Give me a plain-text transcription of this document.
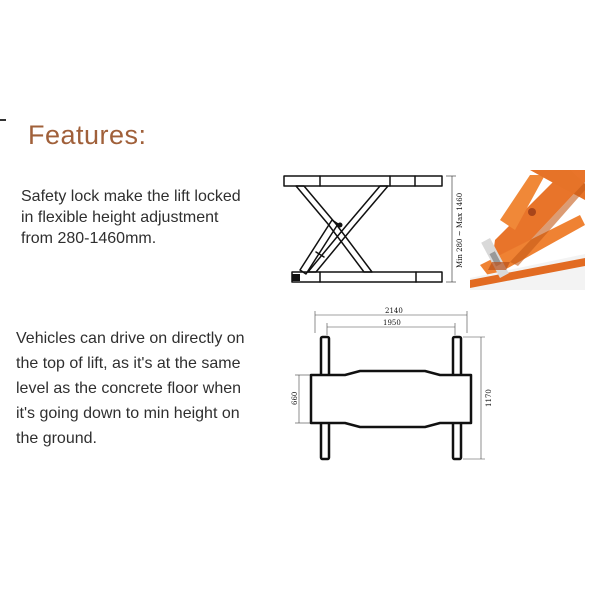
Features:

Safety lock make the lift locked
in flexible height adjustment
from 280-1460mm.

Vehicles can drive on directly on
the top of lift, as it's at the same
level as the concrete floor when
it's going down to min height on
the ground.

Min 280 ~ Max 1460
2140
1950
1170
660
